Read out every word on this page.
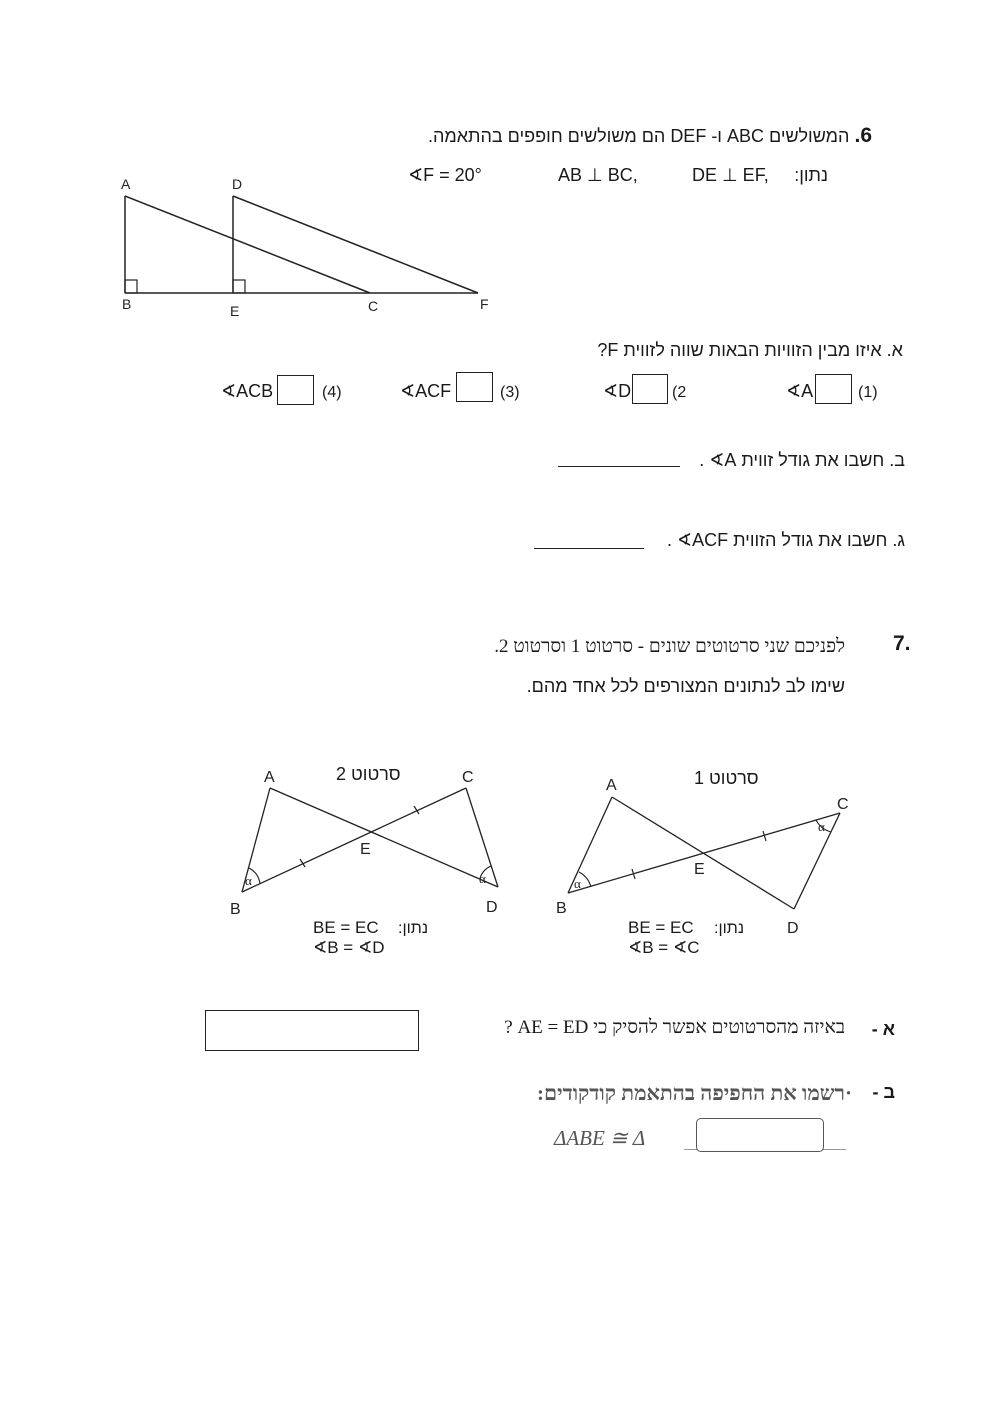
6. המשולשים ABC ו- DEF הם משולשים חופפים בהתאמה.
נתון:
DE ⊥ EF,
AB ⊥ BC,
∢F = 20°
A	D
B	E	C	F
א. איזו מבין הזוויות הבאות שווה לזווית F?
(1)
∢A
(2
∢D
(3)
∢ACF
(4)
∢ACB
ב. חשבו את גודל זווית A∢ .
ג. חשבו את גודל הזווית ACF∢ .
7.
לפניכם שני סרטוטים שונים - סרטוט 1 וסרטוט 2.
שימו לב לנתונים המצורפים לכל אחד מהם.
α	α
A	C
E
B	D
סרטוט 2
נתון:
BE = EC
∢B = ∢D
α
α
A
C
E
B
D
סרטוט 1
נתון:
BE = EC
∢B = ∢C
א -
באיזה מהסרטוטים אפשר להסיק כי AE = ED ?
ב -
·רשמו את החפיפה בהתאמת קודקודים:
ΔABE ≅ Δ
